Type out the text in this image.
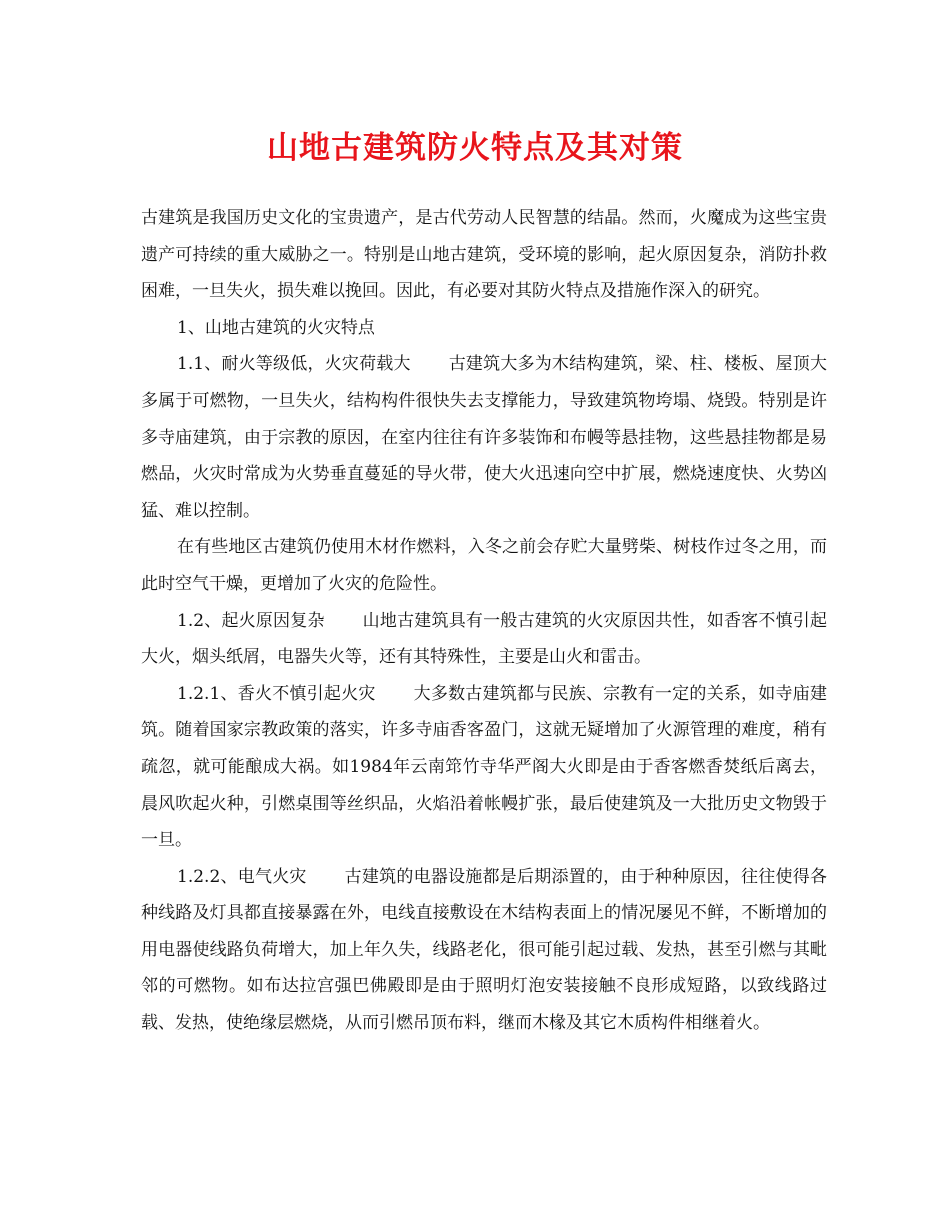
山地古建筑防火特点及其对策

古建筑是我国历史文化的宝贵遗产，是古代劳动人民智慧的结晶。然而，火魔成为这些宝贵遗产可持续的重大威胁之一。特别是山地古建筑，受环境的影响，起火原因复杂，消防扑救困难，一旦失火，损失难以挽回。因此，有必要对其防火特点及措施作深入的研究。

1、山地古建筑的火灾特点

1.1、耐火等级低，火灾荷载大 古建筑大多为木结构建筑，梁、柱、楼板、屋顶大多属于可燃物，一旦失火，结构构件很快失去支撑能力，导致建筑物垮塌、烧毁。特别是许多寺庙建筑，由于宗教的原因，在室内往往有许多装饰和布幔等悬挂物，这些悬挂物都是易燃品，火灾时常成为火势垂直蔓延的导火带，使大火迅速向空中扩展，燃烧速度快、火势凶猛、难以控制。

在有些地区古建筑仍使用木材作燃料，入冬之前会存贮大量劈柴、树枝作过冬之用，而此时空气干燥，更增加了火灾的危险性。

1.2、起火原因复杂 山地古建筑具有一般古建筑的火灾原因共性，如香客不慎引起大火，烟头纸屑，电器失火等，还有其特殊性，主要是山火和雷击。

1.2.1、香火不慎引起火灾 大多数古建筑都与民族、宗教有一定的关系，如寺庙建筑。随着国家宗教政策的落实，许多寺庙香客盈门，这就无疑增加了火源管理的难度，稍有疏忽，就可能酿成大祸。如1984年云南筇竹寺华严阁大火即是由于香客燃香焚纸后离去，晨风吹起火种，引燃桌围等丝织品，火焰沿着帐幔扩张，最后使建筑及一大批历史文物毁于一旦。

1.2.2、电气火灾 古建筑的电器设施都是后期添置的，由于种种原因，往往使得各种线路及灯具都直接暴露在外，电线直接敷设在木结构表面上的情况屡见不鲜，不断增加的用电器使线路负荷增大，加上年久失，线路老化，很可能引起过载、发热，甚至引燃与其毗邻的可燃物。如布达拉宫强巴佛殿即是由于照明灯泡安装接触不良形成短路，以致线路过载、发热，使绝缘层燃烧，从而引燃吊顶布料，继而木椽及其它木质构件相继着火。
